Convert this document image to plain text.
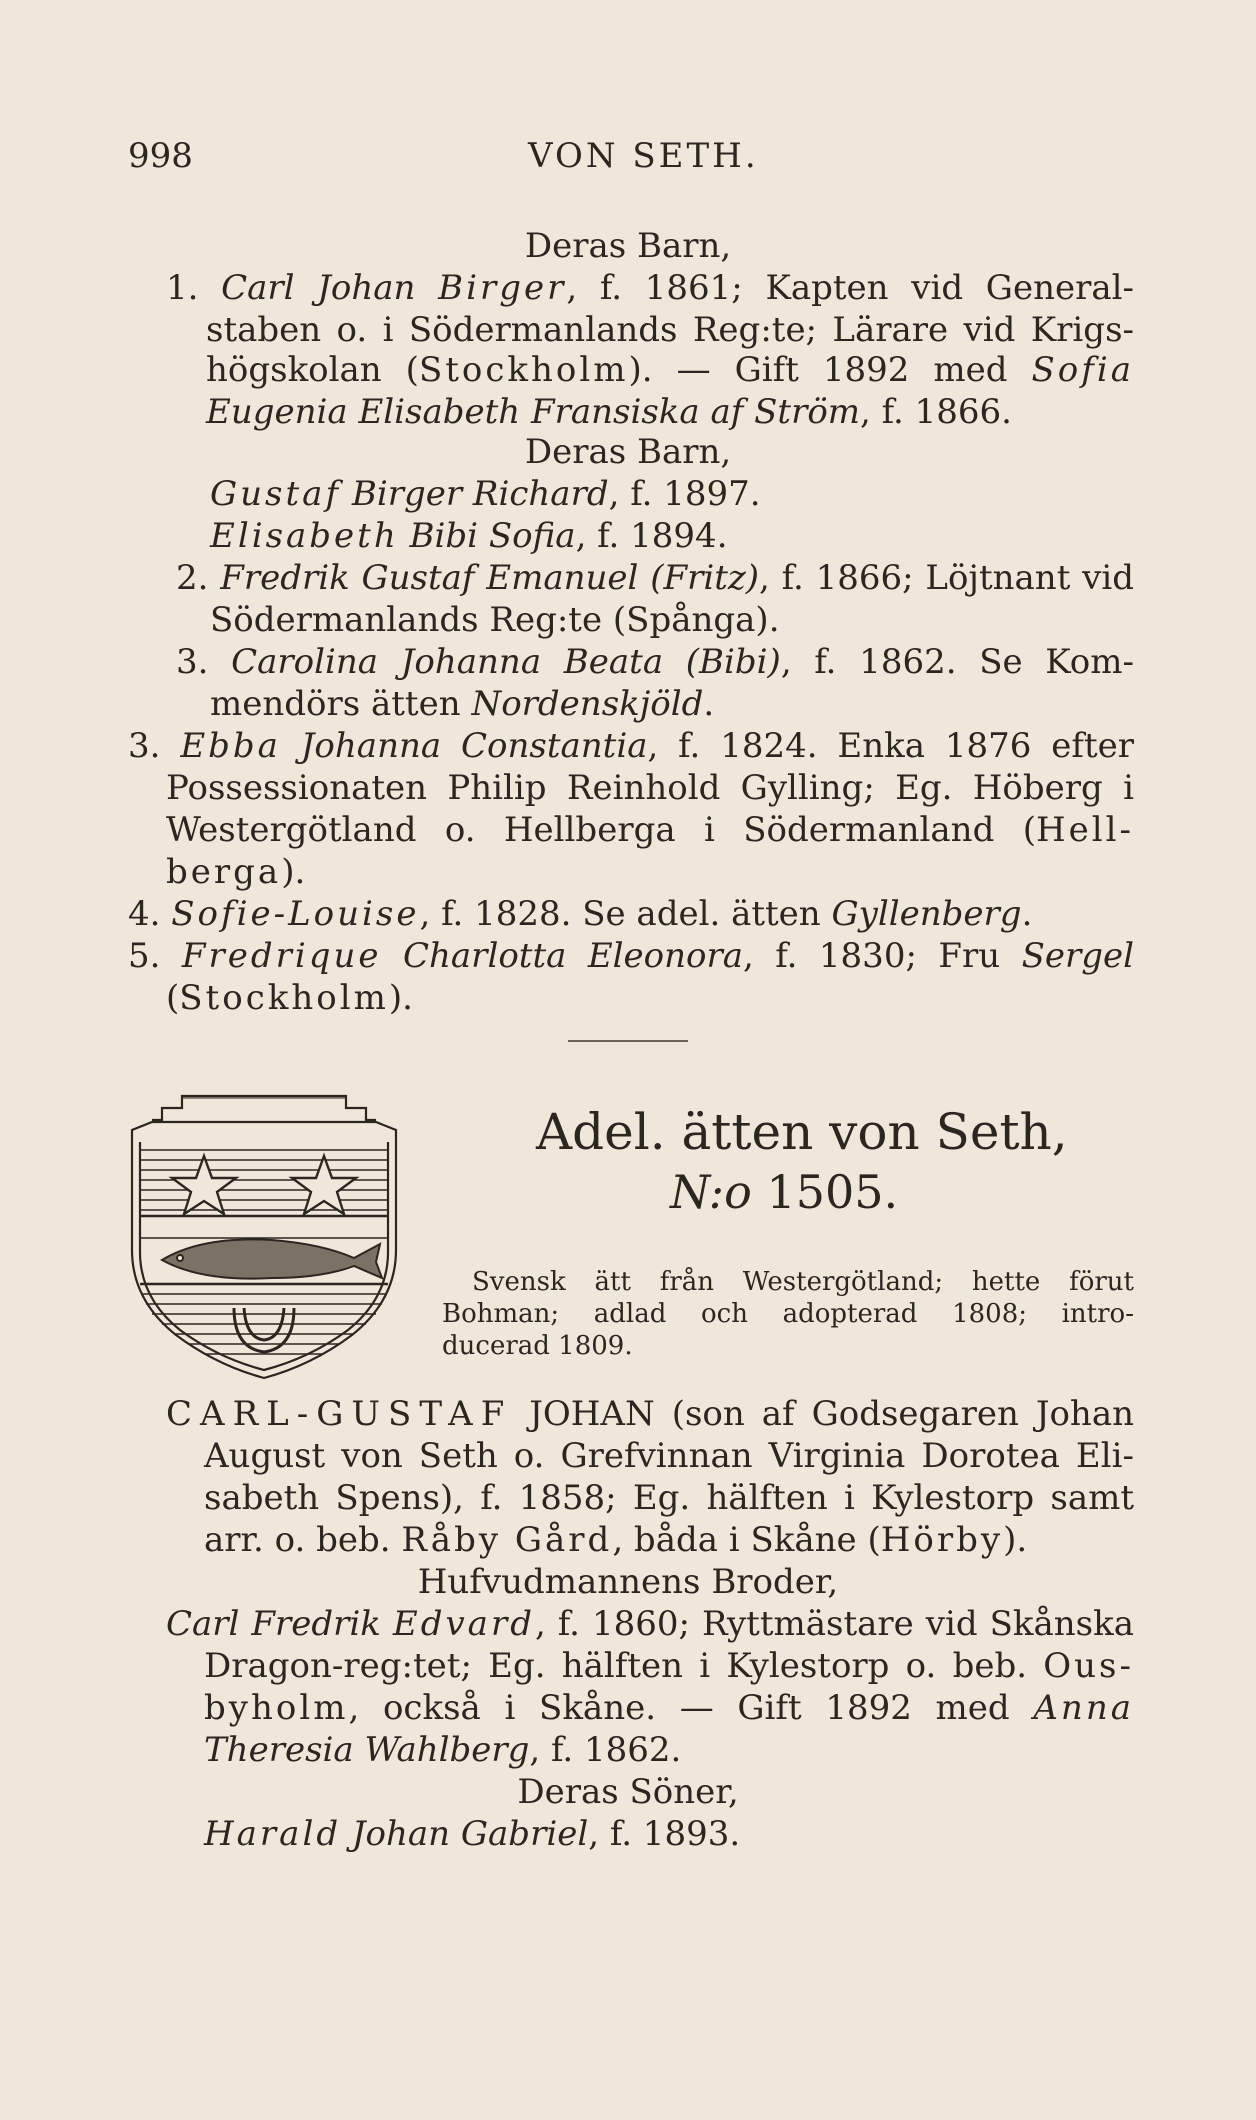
998	VON SETH.
Deras Barn,
1. Carl Johan Birger, f. 1861; Kapten vid General-
staben o. i Södermanlands Reg:te; Lärare vid Krigs-
högskolan (Stockholm). — Gift 1892 med Sofia
Eugenia Elisabeth Fransiska af Ström, f. 1866.
Deras Barn,
Gustaf Birger Richard, f. 1897.
Elisabeth Bibi Sofia, f. 1894.
2. Fredrik Gustaf Emanuel (Fritz), f. 1866; Löjtnant vid
Södermanlands Reg:te (Spånga).
3. Carolina Johanna Beata (Bibi), f. 1862. Se Kom-
mendörs ätten Nordenskjöld.
3. Ebba Johanna Constantia, f. 1824. Enka 1876 efter
Possessionaten Philip Reinhold Gylling; Eg. Höberg i
Westergötland o. Hellberga i Södermanland (Hell-
berga).
4. Sofie-Louise, f. 1828. Se adel. ätten Gyllenberg.
5. Fredrique Charlotta Eleonora, f. 1830; Fru Sergel
(Stockholm).
Adel. ätten von Seth,
N:o 1505.
Svensk ätt från Westergötland; hette förut
Bohman; adlad och adopterad 1808; intro-
ducerad 1809.
CARL-GUSTAF JOHAN (son af Godsegaren Johan
August von Seth o. Grefvinnan Virginia Dorotea Eli-
sabeth Spens), f. 1858; Eg. hälften i Kylestorp samt
arr. o. beb. Råby Gård, båda i Skåne (Hörby).
Hufvudmannens Broder,
Carl Fredrik Edvard, f. 1860; Ryttmästare vid Skånska
Dragon-reg:tet; Eg. hälften i Kylestorp o. beb. Ous-
byholm, också i Skåne. — Gift 1892 med Anna
Theresia Wahlberg, f. 1862.
Deras Söner,
Harald Johan Gabriel, f. 1893.
